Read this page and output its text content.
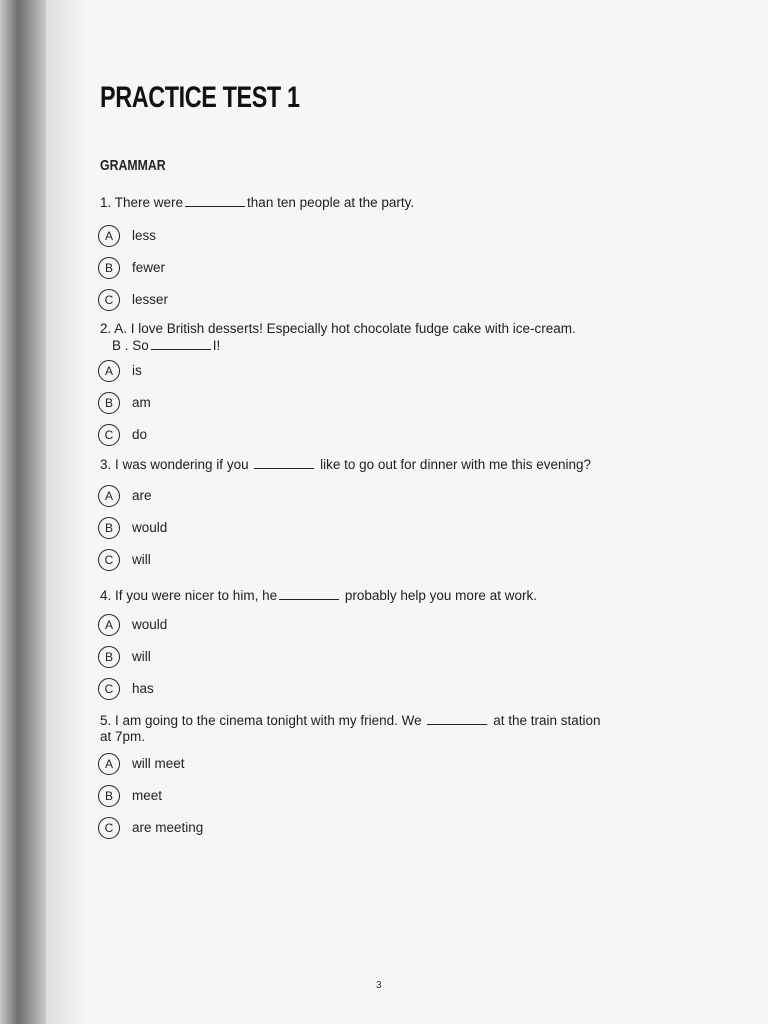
PRACTICE TEST 1
GRAMMAR
1. There were	than ten people at the party.
A	less
B	fewer
C	lesser
2. A. I love British desserts! Especially hot chocolate fudge cake with ice-cream.
B . So	I!
A	is
B	am
C	do
3. I was wondering if you	like to go out for dinner with me this evening?
A	are
B	would
C	will
4. If you were nicer to him, he	probably help you more at work.
A	would
B	will
C	has
5. I am going to the cinema tonight with my friend. We	at the train station
at 7pm.
A	will meet
B	meet
C	are meeting
3
